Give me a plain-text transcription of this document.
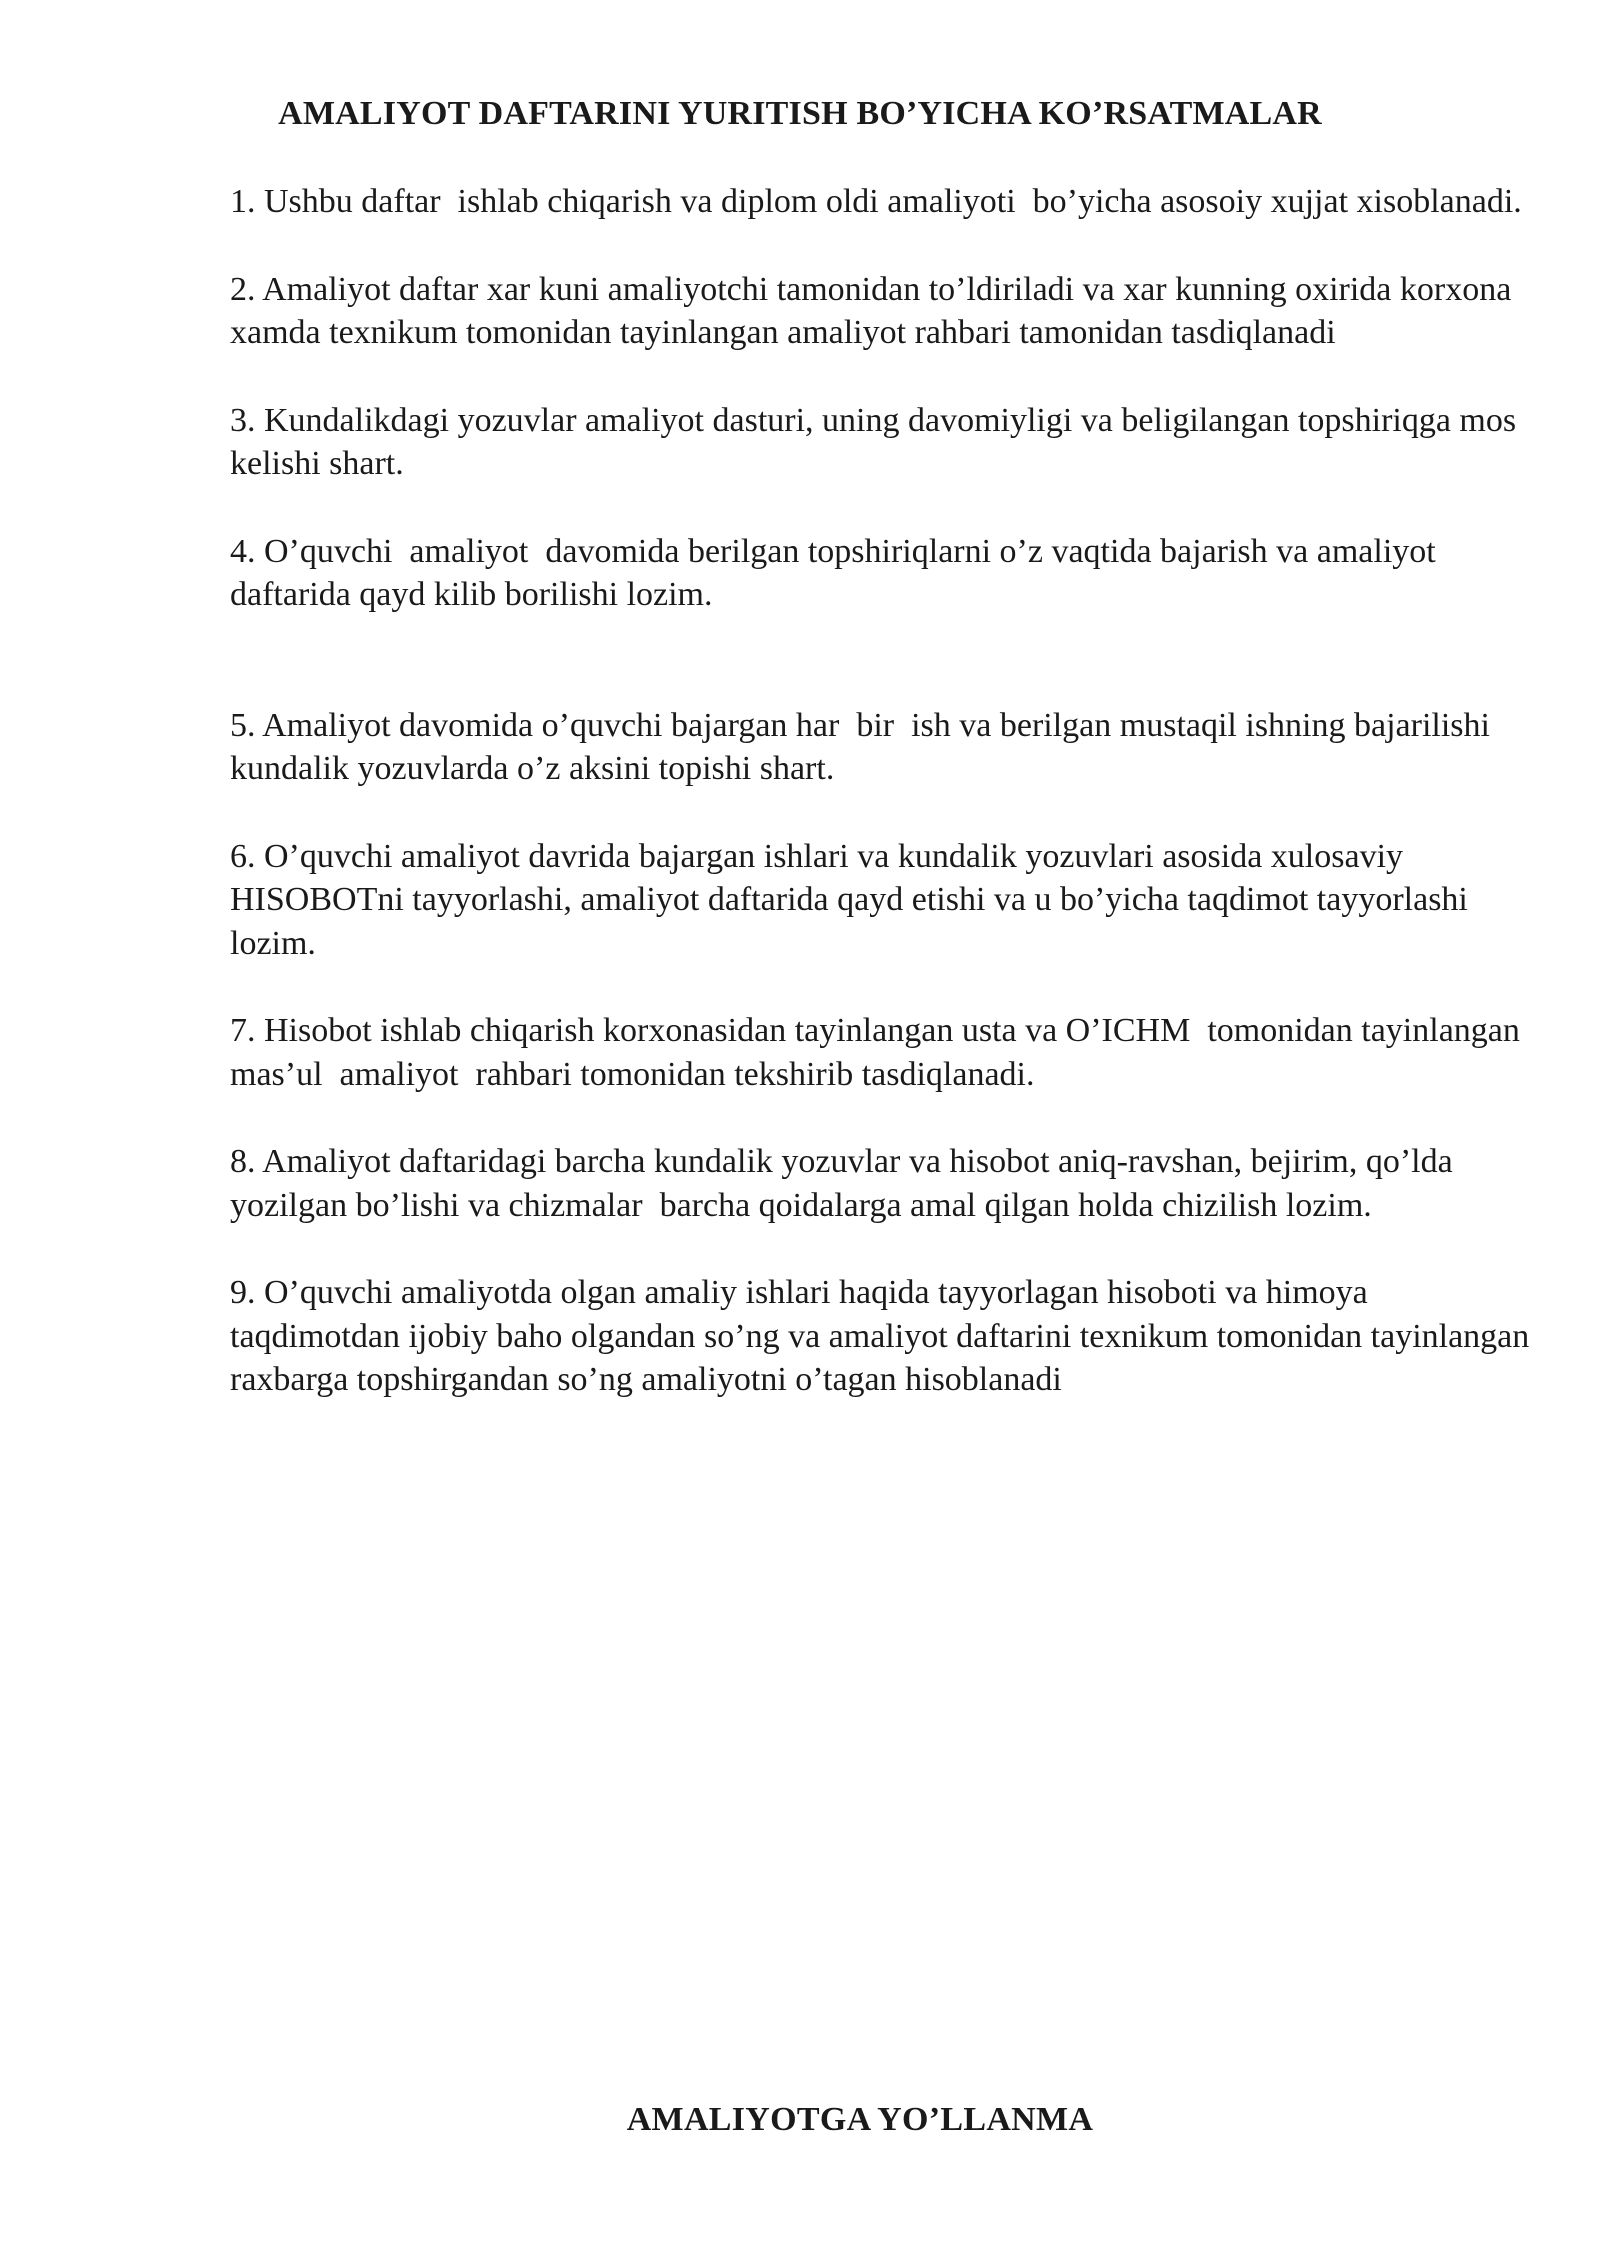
AMALIYOT DAFTARINI YURITISH BO’YICHA KO’RSATMALAR
1. Ushbu daftar  ishlab chiqarish va diplom oldi amaliyoti  bo’yicha asosoiy xujjat xisoblanadi.
2. Amaliyot daftar xar kuni amaliyotchi tamonidan to’ldiriladi va xar kunning oxirida korxona xamda texnikum tomonidan tayinlangan amaliyot rahbari tamonidan tasdiqlanadi
3. Kundalikdagi yozuvlar amaliyot dasturi, uning davomiyligi va beligilangan topshiriqga mos kelishi shart.
4. O’quvchi  amaliyot  davomida berilgan topshiriqlarni o’z vaqtida bajarish va amaliyot daftarida qayd kilib borilishi lozim.
5. Amaliyot davomida o’quvchi bajargan har  bir  ish va berilgan mustaqil ishning bajarilishi kundalik yozuvlarda o’z aksini topishi shart.
6. O’quvchi amaliyot davrida bajargan ishlari va kundalik yozuvlari asosida xulosaviy HISOBOTni tayyorlashi, amaliyot daftarida qayd etishi va u bo’yicha taqdimot tayyorlashi lozim.
7. Hisobot ishlab chiqarish korxonasidan tayinlangan usta va O’ICHM  tomonidan tayinlangan mas’ul  amaliyot  rahbari tomonidan tekshirib tasdiqlanadi.
8. Amaliyot daftaridagi barcha kundalik yozuvlar va hisobot aniq-ravshan, bejirim, qo’lda yozilgan bo’lishi va chizmalar  barcha qoidalarga amal qilgan holda chizilish lozim.
9. O’quvchi amaliyotda olgan amaliy ishlari haqida tayyorlagan hisoboti va himoya taqdimotdan ijobiy baho olgandan so’ng va amaliyot daftarini texnikum tomonidan tayinlangan raxbarga topshirgandan so’ng amaliyotni o’tagan hisoblanadi
AMALIYOTGA YO’LLANMA
